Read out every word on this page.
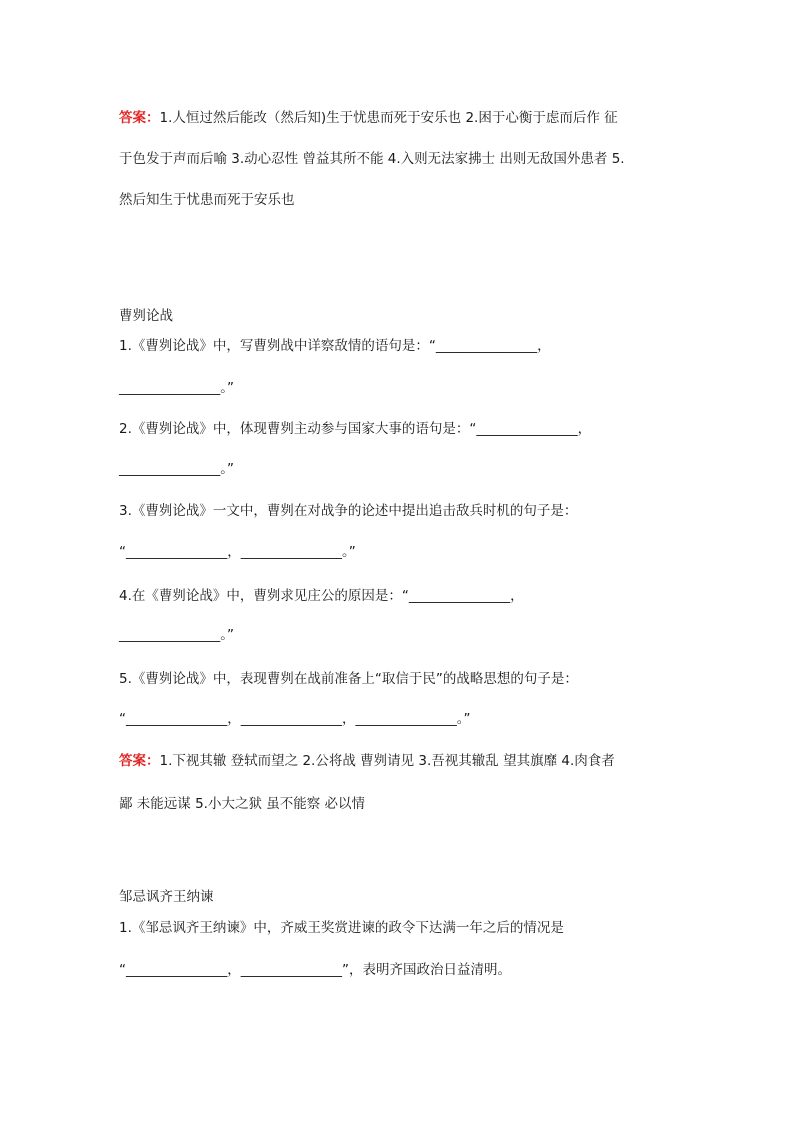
答案：1.人恒过然后能改（然后知)生于忧患而死于安乐也 2.困于心衡于虑而后作 征
于色发于声而后喻 3.动心忍性 曾益其所不能 4.入则无法家拂士 出则无敌国外患者 5.
然后知生于忧患而死于安乐也
曹刿论战
1.《曹刿论战》中，写曹刿战中详察敌情的语句是：“_______________，
_______________。”
2.《曹刿论战》中，体现曹刿主动参与国家大事的语句是：“_______________，
_______________。”
3.《曹刿论战》一文中，曹刿在对战争的论述中提出追击敌兵时机的句子是：
“_______________，_______________。”
4.在《曹刿论战》中，曹刿求见庄公的原因是：“_______________，
_______________。”
5.《曹刿论战》中，表现曹刿在战前准备上“取信于民”的战略思想的句子是：
“_______________，_______________，_______________。”
答案：1.下视其辙 登轼而望之 2.公将战 曹刿请见 3.吾视其辙乱 望其旗靡 4.肉食者
鄙 未能远谋 5.小大之狱 虽不能察 必以情
邹忌讽齐王纳谏
1.《邹忌讽齐王纳谏》中，齐威王奖赏进谏的政令下达满一年之后的情况是
“_______________，_______________”，表明齐国政治日益清明。
